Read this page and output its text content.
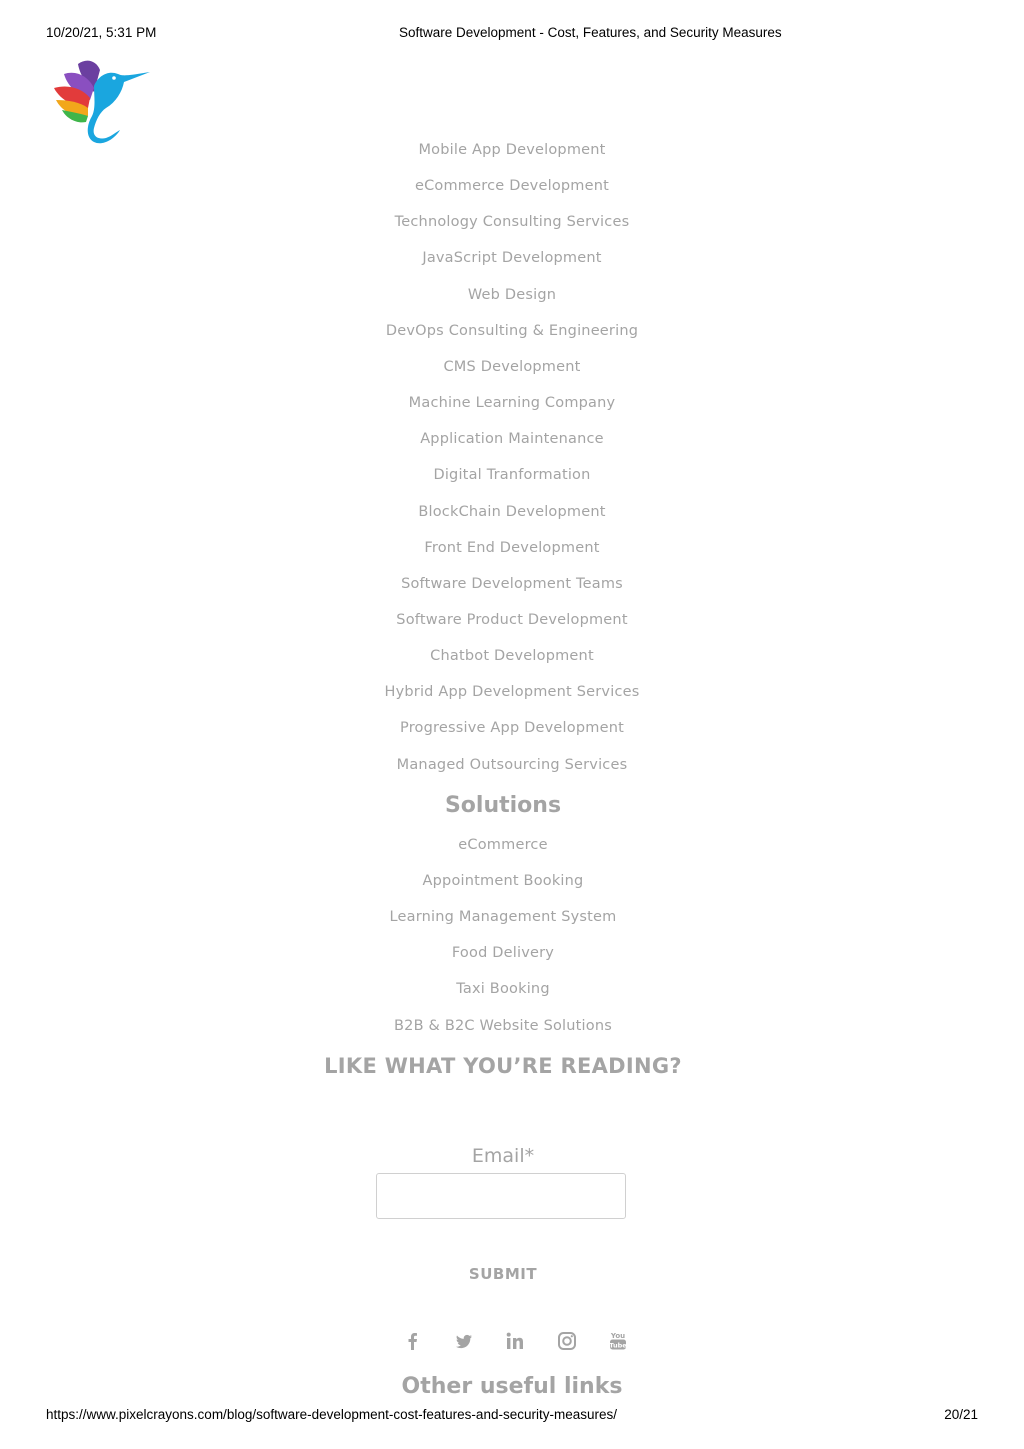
10/20/21, 5:31 PM	Software Development - Cost, Features, and Security Measures
Mobile App Development
eCommerce Development
Technology Consulting Services
JavaScript Development
Web Design
DevOps Consulting & Engineering
CMS Development
Machine Learning Company
Application Maintenance
Digital Tranformation
BlockChain Development
Front End Development
Software Development Teams
Software Product Development
Chatbot Development
Hybrid App Development Services
Progressive App Development
Managed Outsourcing Services
Solutions
eCommerce
Appointment Booking
Learning Management System
Food Delivery
Taxi Booking
B2B & B2C Website Solutions
LIKE WHAT YOU’RE READING?
Email*
SUBMIT
You
Tube
Other useful links
https://www.pixelcrayons.com/blog/software-development-cost-features-and-security-measures/	20/21
